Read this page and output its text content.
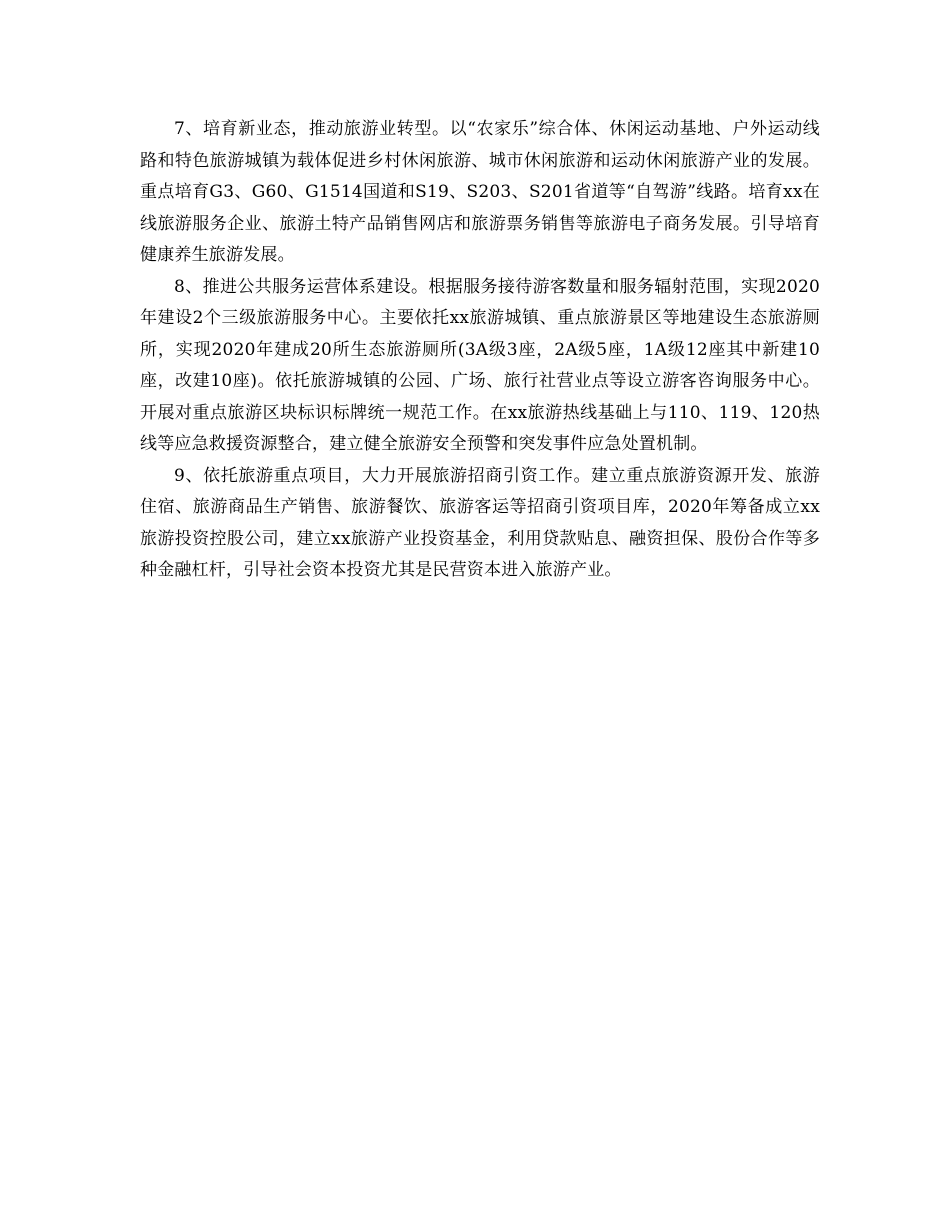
7、培育新业态，推动旅游业转型。以“农家乐”综合体、休闲运动基地、户外运动线路和特色旅游城镇为载体促进乡村休闲旅游、城市休闲旅游和运动休闲旅游产业的发展。重点培育G3、G60、G1514国道和S19、S203、S201省道等“自驾游”线路。培育xx在线旅游服务企业、旅游土特产品销售网店和旅游票务销售等旅游电子商务发展。引导培育健康养生旅游发展。

8、推进公共服务运营体系建设。根据服务接待游客数量和服务辐射范围，实现2020年建设2个三级旅游服务中心。主要依托xx旅游城镇、重点旅游景区等地建设生态旅游厕所，实现2020年建成20所生态旅游厕所(3A级3座，2A级5座，1A级12座其中新建10座，改建10座)。依托旅游城镇的公园、广场、旅行社营业点等设立游客咨询服务中心。开展对重点旅游区块标识标牌统一规范工作。在xx旅游热线基础上与110、119、120热线等应急救援资源整合，建立健全旅游安全预警和突发事件应急处置机制。

9、依托旅游重点项目，大力开展旅游招商引资工作。建立重点旅游资源开发、旅游住宿、旅游商品生产销售、旅游餐饮、旅游客运等招商引资项目库，2020年筹备成立xx旅游投资控股公司，建立xx旅游产业投资基金，利用贷款贴息、融资担保、股份合作等多种金融杠杆，引导社会资本投资尤其是民营资本进入旅游产业。
